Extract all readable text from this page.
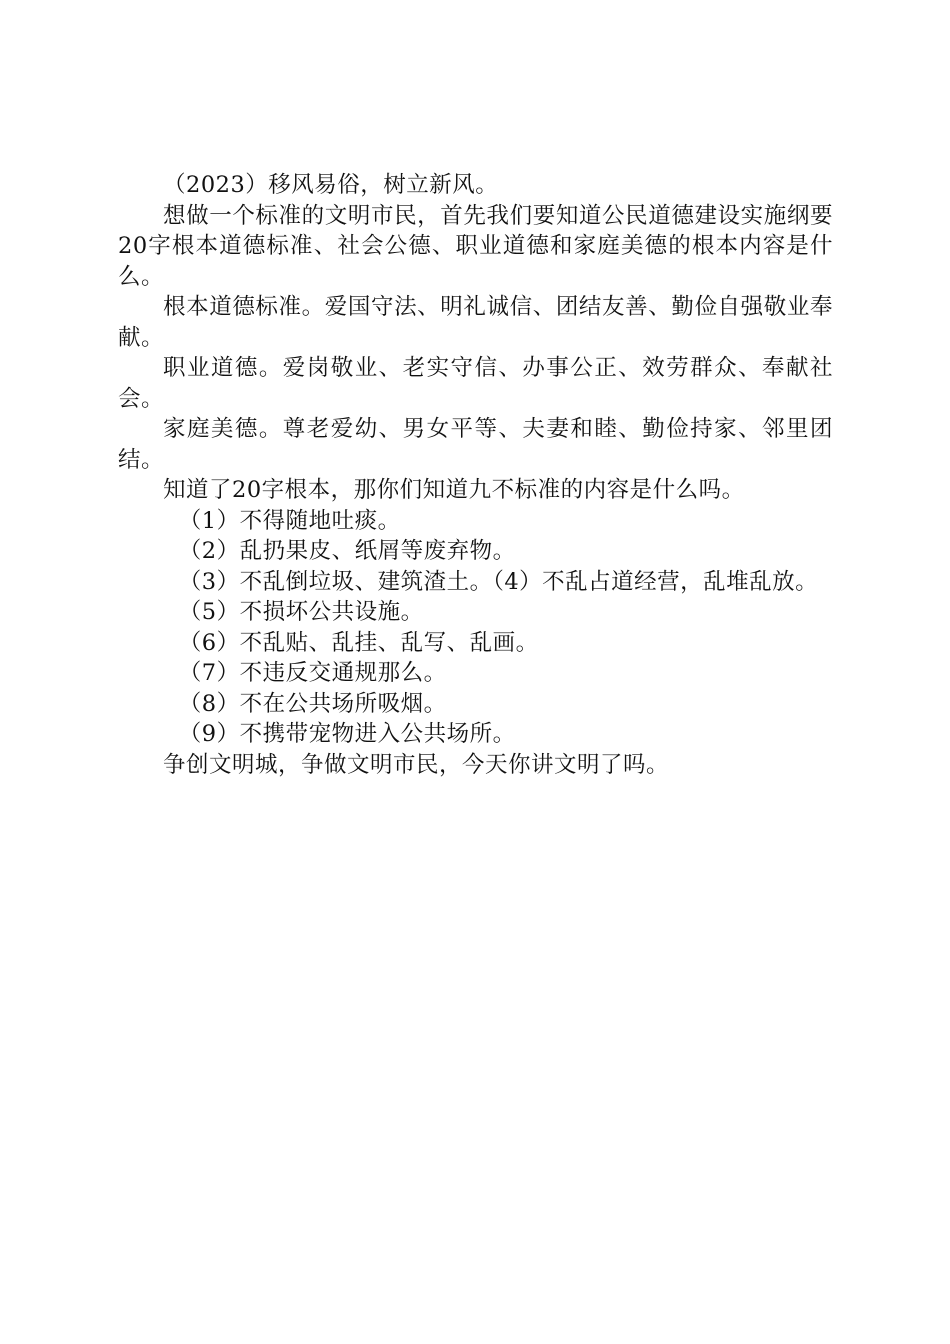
（2023）移风易俗，树立新风。

想做一个标准的文明市民，首先我们要知道公民道德建设实施纲要20字根本道德标准、社会公德、职业道德和家庭美德的根本内容是什么。

根本道德标准。爱国守法、明礼诚信、团结友善、勤俭自强敬业奉献。

职业道德。爱岗敬业、老实守信、办事公正、效劳群众、奉献社会。

家庭美德。尊老爱幼、男女平等、夫妻和睦、勤俭持家、邻里团结。

知道了20字根本，那你们知道九不标准的内容是什么吗。

（1）不得随地吐痰。

（2）乱扔果皮、纸屑等废弃物。

（3）不乱倒垃圾、建筑渣土。（4）不乱占道经营，乱堆乱放。

（5）不损坏公共设施。

（6）不乱贴、乱挂、乱写、乱画。

（7）不违反交通规那么。

（8）不在公共场所吸烟。

（9）不携带宠物进入公共场所。

争创文明城，争做文明市民，今天你讲文明了吗。
